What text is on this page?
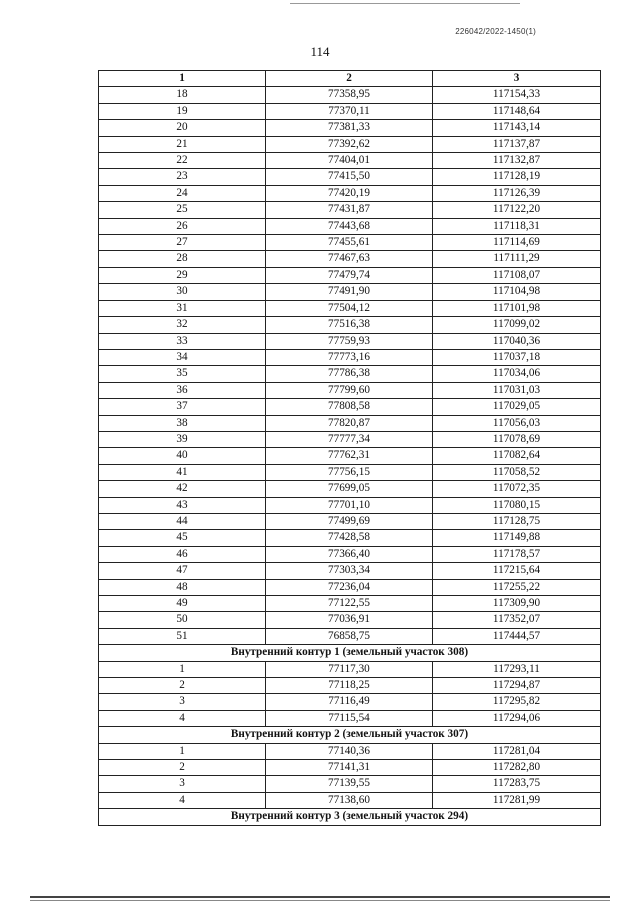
226042/2022-1450(1)
114
1	2	3
18	77358,95	117154,33
19	77370,11	117148,64
20	77381,33	117143,14
21	77392,62	117137,87
22	77404,01	117132,87
23	77415,50	117128,19
24	77420,19	117126,39
25	77431,87	117122,20
26	77443,68	117118,31
27	77455,61	117114,69
28	77467,63	117111,29
29	77479,74	117108,07
30	77491,90	117104,98
31	77504,12	117101,98
32	77516,38	117099,02
33	77759,93	117040,36
34	77773,16	117037,18
35	77786,38	117034,06
36	77799,60	117031,03
37	77808,58	117029,05
38	77820,87	117056,03
39	77777,34	117078,69
40	77762,31	117082,64
41	77756,15	117058,52
42	77699,05	117072,35
43	77701,10	117080,15
44	77499,69	117128,75
45	77428,58	117149,88
46	77366,40	117178,57
47	77303,34	117215,64
48	77236,04	117255,22
49	77122,55	117309,90
50	77036,91	117352,07
51	76858,75	117444,57
Внутренний контур 1 (земельный участок 308)		
1	77117,30	117293,11
2	77118,25	117294,87
3	77116,49	117295,82
4	77115,54	117294,06
Внутренний контур 2 (земельный участок 307)		
1	77140,36	117281,04
2	77141,31	117282,80
3	77139,55	117283,75
4	77138,60	117281,99
Внутренний контур 3 (земельный участок 294)		
